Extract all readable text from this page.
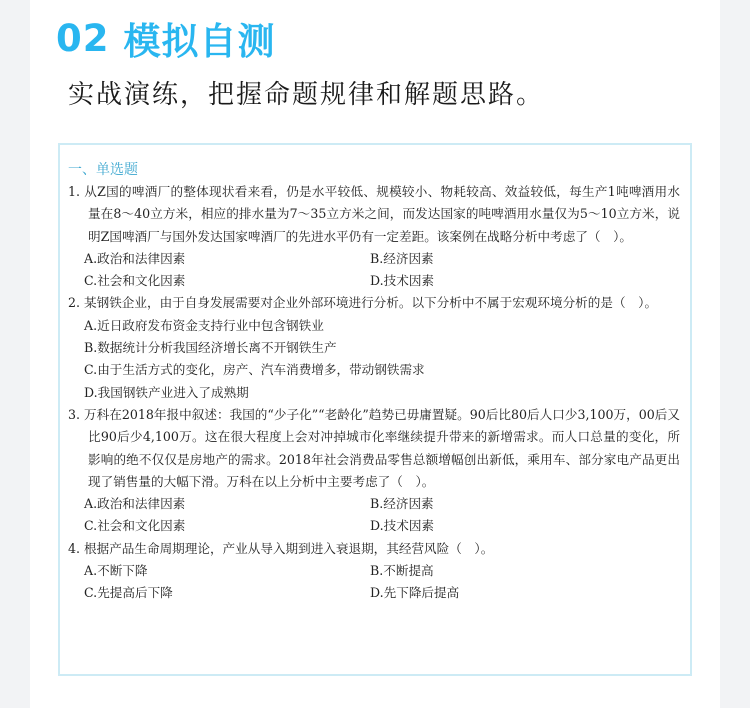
02 模拟自测
实战演练，把握命题规律和解题思路。
一、单选题
1. 从Z国的啤酒厂的整体现状看来看，仍是水平较低、规模较小、物耗较高、效益较低，每生产1吨啤酒用水量在8～40立方米，相应的排水量为7～35立方米之间，而发达国家的吨啤酒用水量仅为5～10立方米，说明Z国啤酒厂与国外发达国家啤酒厂的先进水平仍有一定差距。该案例在战略分析中考虑了（　）。
A.政治和法律因素	B.经济因素
C.社会和文化因素	D.技术因素
2. 某钢铁企业，由于自身发展需要对企业外部环境进行分析。以下分析中不属于宏观环境分析的是（　）。
A.近日政府发布资金支持行业中包含钢铁业
B.数据统计分析我国经济增长离不开钢铁生产
C.由于生活方式的变化，房产、汽车消费增多，带动钢铁需求
D.我国钢铁产业进入了成熟期
3. 万科在2018年报中叙述：我国的“少子化”“老龄化”趋势已毋庸置疑。90后比80后人口少3,100万，00后又比90后少4,100万。这在很大程度上会对冲掉城市化率继续提升带来的新增需求。而人口总量的变化，所影响的绝不仅仅是房地产的需求。2018年社会消费品零售总额增幅创出新低，乘用车、部分家电产品更出现了销售量的大幅下滑。万科在以上分析中主要考虑了（　）。
A.政治和法律因素	B.经济因素
C.社会和文化因素	D.技术因素
4. 根据产品生命周期理论，产业从导入期到进入衰退期，其经营风险（　）。
A.不断下降	B.不断提高
C.先提高后下降	D.先下降后提高
